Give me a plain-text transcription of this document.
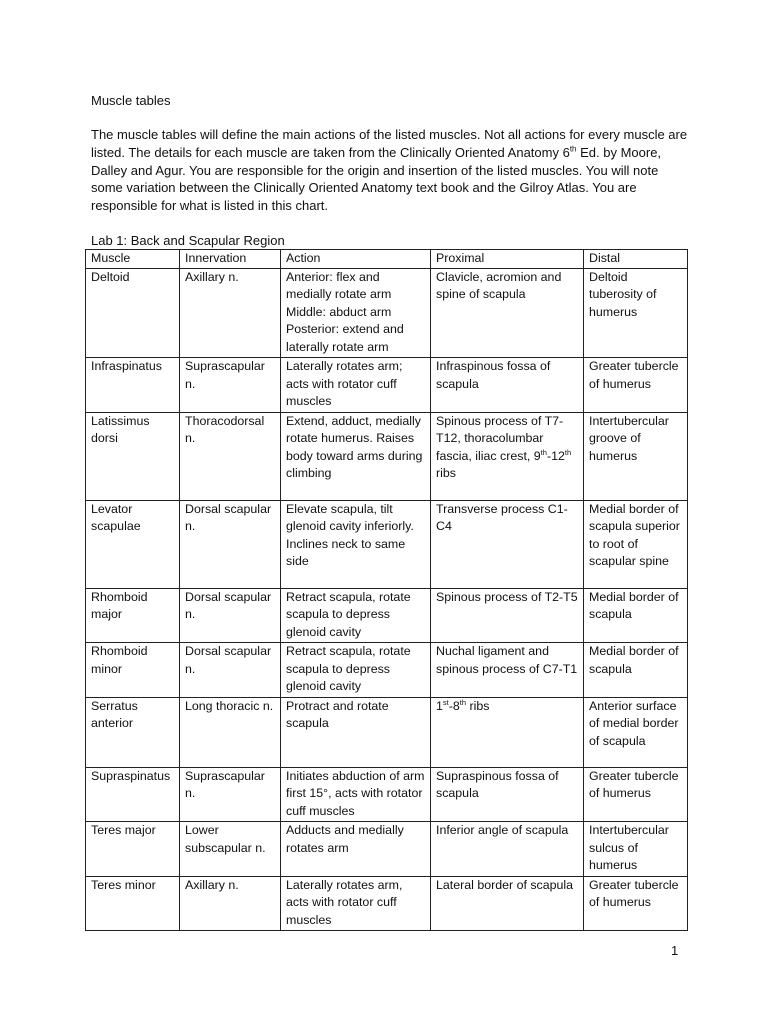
Muscle tables
The muscle tables will define the main actions of the listed muscles. Not all actions for every muscle are listed. The details for each muscle are taken from the Clinically Oriented Anatomy 6th Ed. by Moore, Dalley and Agur. You are responsible for the origin and insertion of the listed muscles. You will note some variation between the Clinically Oriented Anatomy text book and the Gilroy Atlas. You are responsible for what is listed in this chart.
Lab 1: Back and Scapular Region
Muscle	Innervation	Action	Proximal	Distal
Deltoid	Axillary n.	Anterior: flex and medially rotate arm
Middle: abduct arm
Posterior: extend and laterally rotate arm	Clavicle, acromion and spine of scapula	Deltoid tuberosity of humerus
Infraspinatus	Suprascapular n.	Laterally rotates arm; acts with rotator cuff muscles	Infraspinous fossa of scapula	Greater tubercle of humerus
Latissimus dorsi	Thoracodorsal n.	Extend, adduct, medially rotate humerus. Raises body toward arms during climbing	Spinous process of T7-T12, thoracolumbar fascia, iliac crest, 9th-12th ribs	Intertubercular groove of humerus
Levator scapulae	Dorsal scapular n.	Elevate scapula, tilt glenoid cavity inferiorly. Inclines neck to same side	Transverse process C1-C4	Medial border of scapula superior to root of scapular spine
Rhomboid major	Dorsal scapular n.	Retract scapula, rotate scapula to depress glenoid cavity	Spinous process of T2-T5	Medial border of scapula
Rhomboid minor	Dorsal scapular n.	Retract scapula, rotate scapula to depress glenoid cavity	Nuchal ligament and spinous process of C7-T1	Medial border of scapula
Serratus anterior	Long thoracic n.	Protract and rotate scapula	1st-8th ribs	Anterior surface of medial border of scapula
Supraspinatus	Suprascapular n.	Initiates abduction of arm first 15°, acts with rotator cuff muscles	Supraspinous fossa of scapula	Greater tubercle of humerus
Teres major	Lower subscapular n.	Adducts and medially rotates arm	Inferior angle of scapula	Intertubercular sulcus of humerus
Teres minor	Axillary n.	Laterally rotates arm, acts with rotator cuff muscles	Lateral border of scapula	Greater tubercle of humerus
1
